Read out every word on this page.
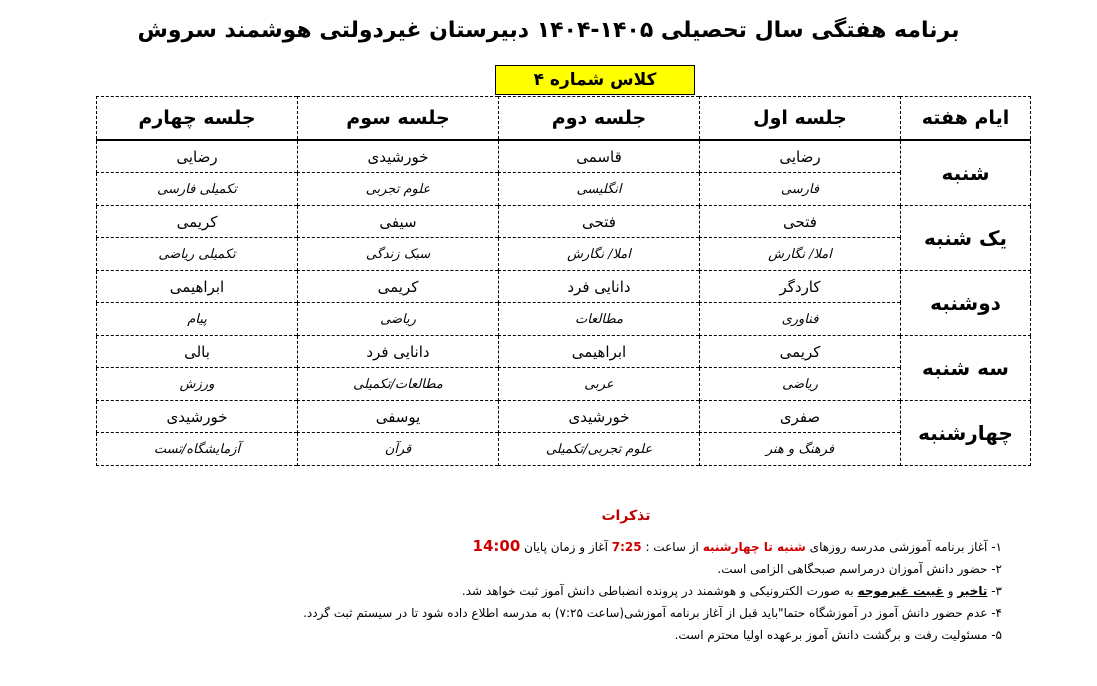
برنامه هفتگی سال تحصیلی ۱۴۰۵-۱۴۰۴ دبیرستان غیردولتی هوشمند سروش
کلاس شماره ۴
ایام هفته	جلسه اول	جلسه دوم	جلسه سوم	جلسه چهارم
شنبه	رضایی	قاسمی	خورشیدی	رضایی
	فارسی	انگلیسی	علوم تجربی	تکمیلی فارسی
یک شنبه	فتحی	فتحی	سیفی	کریمی
	املا/ نگارش	املا/ نگارش	سبک زندگی	تکمیلی ریاضی
دوشنبه	کاردگر	دانایی فرد	کریمی	ابراهیمی
	فناوری	مطالعات	ریاضی	پیام
سه شنبه	کریمی	ابراهیمی	دانایی فرد	بالی
	ریاضی	عربی	مطالعات/تکمیلی	ورزش
چهارشنبه	صفری	خورشیدی	یوسفی	خورشیدی
	فرهنگ و هنر	علوم تجربی/تکمیلی	قرآن	آزمایشگاه/تست
تذکرات
۱- آغاز برنامه آموزشی مدرسه روزهای شنبه تا چهارشنبه از ساعت : 7:25 آغاز و زمان پایان 14:00
۲- حضور دانش آموزان درمراسم صبحگاهی الزامی است.
۳- تاخیر و غیبت غیرموجه به صورت الکترونیکی و هوشمند در پرونده انضباطی دانش آموز ثبت خواهد شد.
۴- عدم حضور دانش آموز در آموزشگاه حتما"باید قبل از آغاز برنامه آموزشی(ساعت ۷:۲۵) به مدرسه اطلاع داده شود تا در سیستم ثبت گردد.
۵- مسئولیت رفت و برگشت دانش آموز برعهده اولیا محترم است.
